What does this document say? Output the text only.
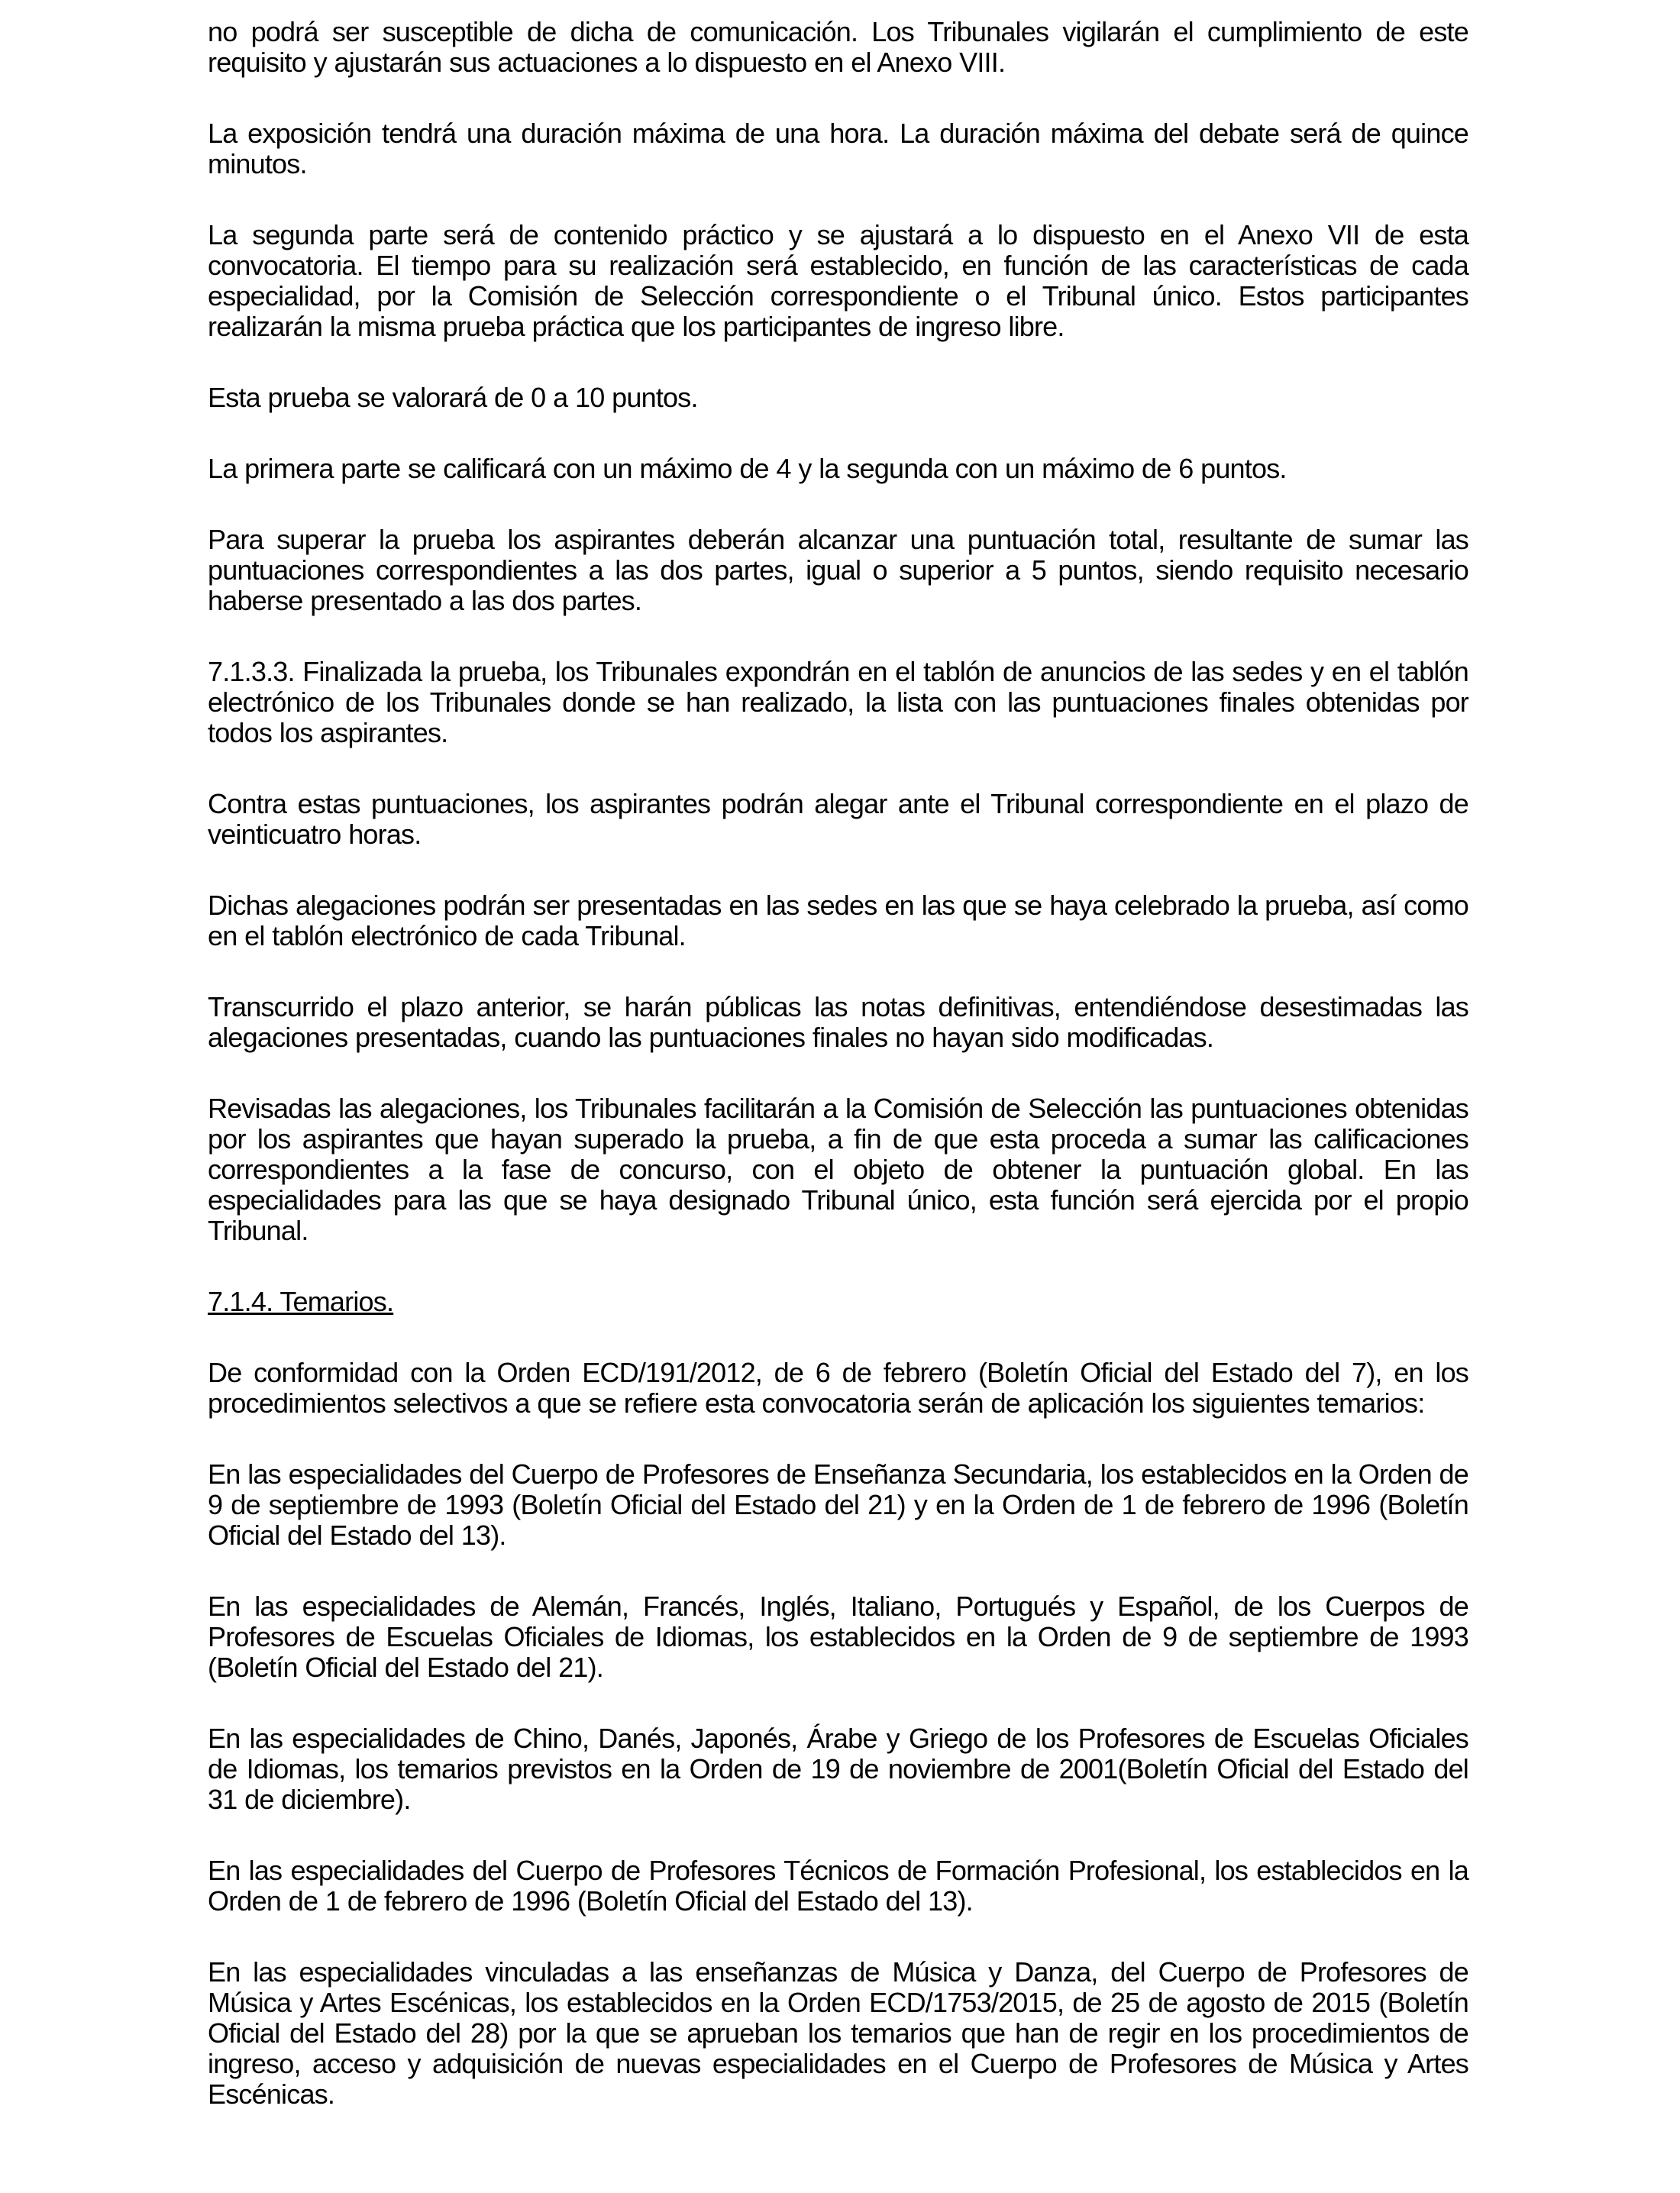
no podrá ser susceptible de dicha de comunicación. Los Tribunales vigilarán el cumplimiento de este requisito y ajustarán sus actuaciones a lo dispuesto en el Anexo VIII.

La exposición tendrá una duración máxima de una hora. La duración máxima del debate será de quince minutos.

La segunda parte será de contenido práctico y se ajustará a lo dispuesto en el Anexo VII de esta convocatoria. El tiempo para su realización será establecido, en función de las características de cada especialidad, por la Comisión de Selección correspondiente o el Tribunal único. Estos participantes realizarán la misma prueba práctica que los participantes de ingreso libre.

Esta prueba se valorará de 0 a 10 puntos.

La primera parte se calificará con un máximo de 4 y la segunda con un máximo de 6 puntos.

Para superar la prueba los aspirantes deberán alcanzar una puntuación total, resultante de sumar las puntuaciones correspondientes a las dos partes, igual o superior a 5 puntos, siendo requisito necesario haberse presentado a las dos partes.

7.1.3.3. Finalizada la prueba, los Tribunales expondrán en el tablón de anuncios de las sedes y en el tablón electrónico de los Tribunales donde se han realizado, la lista con las puntuaciones finales obtenidas por todos los aspirantes.

Contra estas puntuaciones, los aspirantes podrán alegar ante el Tribunal correspondiente en el plazo de veinticuatro horas.

Dichas alegaciones podrán ser presentadas en las sedes en las que se haya celebrado la prueba, así como en el tablón electrónico de cada Tribunal.

Transcurrido el plazo anterior, se harán públicas las notas definitivas, entendiéndose desestimadas las alegaciones presentadas, cuando las puntuaciones finales no hayan sido modificadas.

Revisadas las alegaciones, los Tribunales facilitarán a la Comisión de Selección las puntuaciones obtenidas por los aspirantes que hayan superado la prueba, a fin de que esta proceda a sumar las calificaciones correspondientes a la fase de concurso, con el objeto de obtener la puntuación global. En las especialidades para las que se haya designado Tribunal único, esta función será ejercida por el propio Tribunal.

7.1.4. Temarios.

De conformidad con la Orden ECD/191/2012, de 6 de febrero (Boletín Oficial del Estado del 7), en los procedimientos selectivos a que se refiere esta convocatoria serán de aplicación los siguientes temarios:

En las especialidades del Cuerpo de Profesores de Enseñanza Secundaria, los establecidos en la Orden de 9 de septiembre de 1993 (Boletín Oficial del Estado del 21) y en la Orden de 1 de febrero de 1996 (Boletín Oficial del Estado del 13).

En las especialidades de Alemán, Francés, Inglés, Italiano, Portugués y Español, de los Cuerpos de Profesores de Escuelas Oficiales de Idiomas, los establecidos en la Orden de 9 de septiembre de 1993 (Boletín Oficial del Estado del 21).

En las especialidades de Chino, Danés, Japonés, Árabe y Griego de los Profesores de Escuelas Oficiales de Idiomas, los temarios previstos en la Orden de 19 de noviembre de 2001(Boletín Oficial del Estado del 31 de diciembre).

En las especialidades del Cuerpo de Profesores Técnicos de Formación Profesional, los establecidos en la Orden de 1 de febrero de 1996 (Boletín Oficial del Estado del 13).

En las especialidades vinculadas a las enseñanzas de Música y Danza, del Cuerpo de Profesores de Música y Artes Escénicas, los establecidos en la Orden ECD/1753/2015, de 25 de agosto de 2015 (Boletín Oficial del Estado del 28) por la que se aprueban los temarios que han de regir en los procedimientos de ingreso, acceso y adquisición de nuevas especialidades en el Cuerpo de Profesores de Música y Artes Escénicas.
